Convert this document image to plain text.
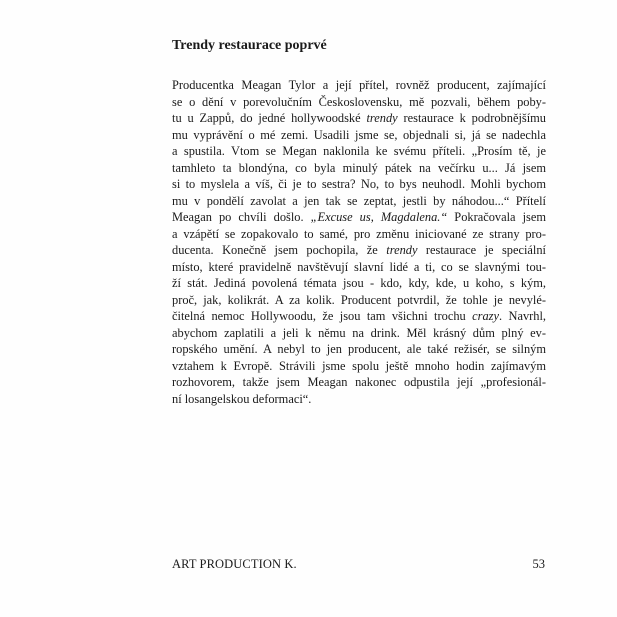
Trendy restaurace poprvé
Producentka Meagan Tylor a její přítel, rovněž producent, zajímající
se o dění v porevolučním Československu, mě pozvali, během poby-
tu u Zappů, do jedné hollywoodské trendy restaurace k podrobnějšímu
mu vyprávění o mé zemi. Usadili jsme se, objednali si, já se nadechla
a spustila. Vtom se Megan naklonila ke svému příteli. „Prosím tě, je
tamhleto ta blondýna, co byla minulý pátek na večírku u... Já jsem
si to myslela a víš, či je to sestra? No, to bys neuhodl. Mohli bychom
mu v pondělí zavolat a jen tak se zeptat, jestli by náhodou...“ Přítelí
Meagan po chvíli došlo. „Excuse us, Magdalena.“ Pokračovala jsem
a vzápětí se zopakovalo to samé, pro změnu iniciované ze strany pro-
ducenta. Konečně jsem pochopila, že trendy restaurace je speciální
místo, které pravidelně navštěvují slavní lidé a ti, co se slavnými tou-
ží stát. Jediná povolená témata jsou - kdo, kdy, kde, u koho, s kým,
proč, jak, kolikrát. A za kolik. Producent potvrdil, že tohle je nevylé-
čitelná nemoc Hollywoodu, že jsou tam všichni trochu crazy. Navrhl,
abychom zaplatili a jeli k němu na drink. Měl krásný dům plný ev-
ropského umění. A nebyl to jen producent, ale také režisér, se silným
vztahem k Evropě. Strávili jsme spolu ještě mnoho hodin zajímavým
rozhovorem, takže jsem Meagan nakonec odpustila její „profesionál-
ní losangelskou deformaci“.
ART PRODUCTION K.	53
